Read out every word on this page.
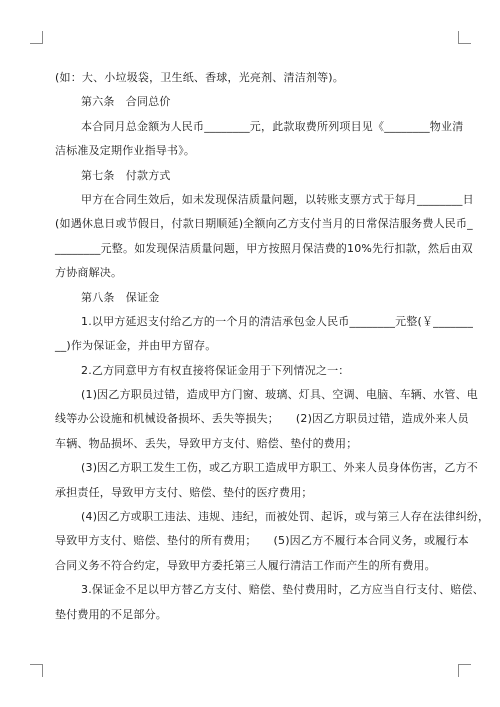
(如：大、小垃圾袋，卫生纸、香球，光亮剂、清洁剂等)。
第六条　合同总价
本合同月总金额为人民币________元，此款取费所列项目见《________物业清
洁标准及定期作业指导书》。
第七条　付款方式
甲方在合同生效后，如未发现保洁质量问题，以转账支票方式于每月________日
(如遇休息日或节假日，付款日期顺延)全额向乙方支付当月的日常保洁服务费人民币_
________元整。如发现保洁质量问题，甲方按照月保洁费的10%先行扣款，然后由双
方协商解决。
第八条　保证金
1.以甲方延迟支付给乙方的一个月的清洁承包金人民币________元整(￥_______
__)作为保证金，并由甲方留存。
2.乙方同意甲方有权直接将保证金用于下列情况之一：
(1)因乙方职员过错，造成甲方门窗、玻璃、灯具、空调、电脑、车辆、水管、电
线等办公设施和机械设备损坏、丢失等损失；　　(2)因乙方职员过错，造成外来人员
车辆、物品损坏、丢失，导致甲方支付、赔偿、垫付的费用；
(3)因乙方职工发生工伤，或乙方职工造成甲方职工、外来人员身体伤害，乙方不
承担责任，导致甲方支付、赔偿、垫付的医疗费用；
(4)因乙方或职工违法、违规、违纪，而被处罚、起诉，或与第三人存在法律纠纷，
导致甲方支付、赔偿、垫付的所有费用；　　(5)因乙方不履行本合同义务，或履行本
合同义务不符合约定，导致甲方委托第三人履行清洁工作而产生的所有费用。
3.保证金不足以甲方替乙方支付、赔偿、垫付费用时，乙方应当自行支付、赔偿、
垫付费用的不足部分。
